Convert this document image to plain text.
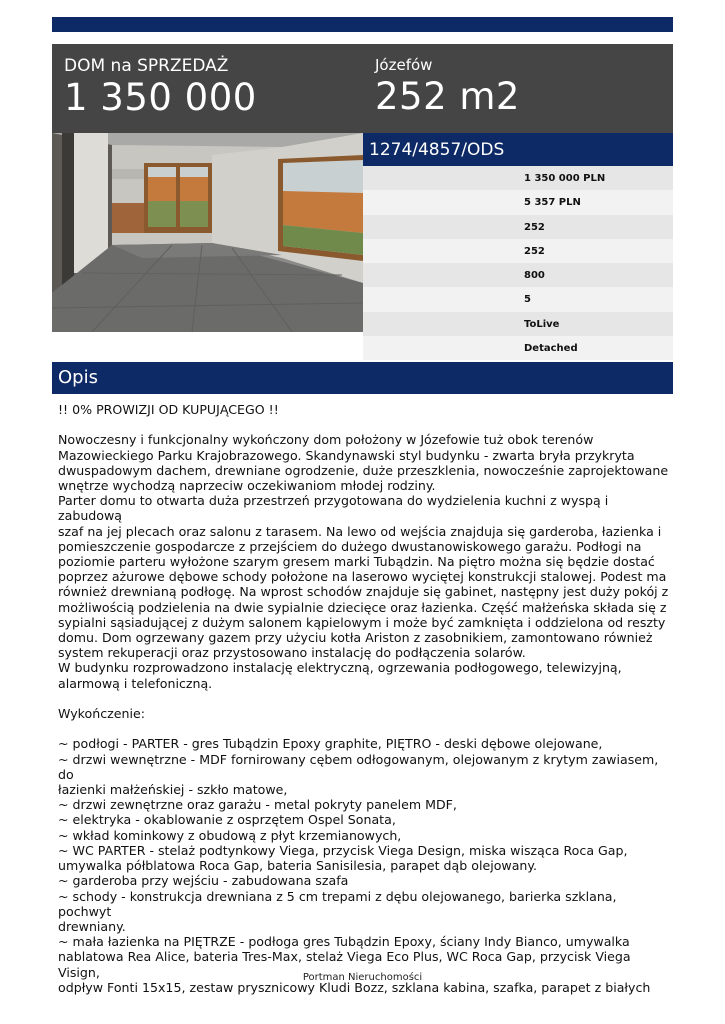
DOM na SPRZEDAŻ
1 350 000
Józefów
252 m2
1274/4857/ODS
1 350 000 PLN
5 357 PLN
252
252
800
5
ToLive
Detached
Opis
!! 0% PROWIZJI OD KUPUJĄCEGO !!

Nowoczesny i funkcjonalny wykończony dom położony w Józefowie tuż obok terenów
Mazowieckiego Parku Krajobrazowego. Skandynawski styl budynku - zwarta bryła przykryta
dwuspadowym dachem, drewniane ogrodzenie, duże przeszklenia, nowocześnie zaprojektowane
wnętrze wychodzą naprzeciw oczekiwaniom młodej rodziny.
Parter domu to otwarta duża przestrzeń przygotowana do wydzielenia kuchni z wyspą i zabudową
szaf na jej plecach oraz salonu z tarasem. Na lewo od wejścia znajduja się garderoba, łazienka i
pomieszczenie gospodarcze z przejściem do dużego dwustanowiskowego garażu. Podłogi na
poziomie parteru wyłożone szarym gresem marki Tubądzin. Na piętro można się będzie dostać
poprzez ażurowe dębowe schody położone na laserowo wyciętej konstrukcji stalowej. Podest ma
również drewnianą podłogę. Na wprost schodów znajduje się gabinet, następny jest duży pokój z
możliwością podzielenia na dwie sypialnie dziecięce oraz łazienka. Część małżeńska składa się z
sypialni sąsiadującej z dużym salonem kąpielowym i może być zamknięta i oddzielona od reszty
domu. Dom ogrzewany gazem przy użyciu kotła Ariston z zasobnikiem, zamontowano również
system rekuperacji oraz przystosowano instalację do podłączenia solarów.
W budynku rozprowadzono instalację elektryczną, ogrzewania podłogowego, telewizyjną,
alarmową i telefoniczną.

Wykończenie:

~ podłogi - PARTER - gres Tubądzin Epoxy graphite, PIĘTRO - deski dębowe olejowane,
~ drzwi wewnętrzne - MDF fornirowany cębem odłogowanym, olejowanym z krytym zawiasem, do
łazienki małżeńskiej - szkło matowe,
~ drzwi zewnętrzne oraz garażu - metal pokryty panelem MDF,
~ elektryka - okablowanie z osprzętem Ospel Sonata,
~ wkład kominkowy z obudową z płyt krzemianowych,
~ WC PARTER - stelaż podtynkowy Viega, przycisk Viega Design, miska wisząca Roca Gap,
umywalka półblatowa Roca Gap, bateria Sanisilesia, parapet dąb olejowany.
~ garderoba przy wejściu - zabudowana szafa
~ schody - konstrukcja drewniana z 5 cm trepami z dębu olejowanego, barierka szklana, pochwyt
drewniany.
~ mała łazienka na PIĘTRZE - podłoga gres Tubądzin Epoxy, ściany Indy Bianco, umywalka
nablatowa Rea Alice, bateria Tres-Max, stelaż Viega Eco Plus, WC Roca Gap, przycisk Viega Visign,
odpływ Fonti 15x15, zestaw prysznicowy Kludi Bozz, szklana kabina, szafka, parapet z białych
Portman Nieruchomości
